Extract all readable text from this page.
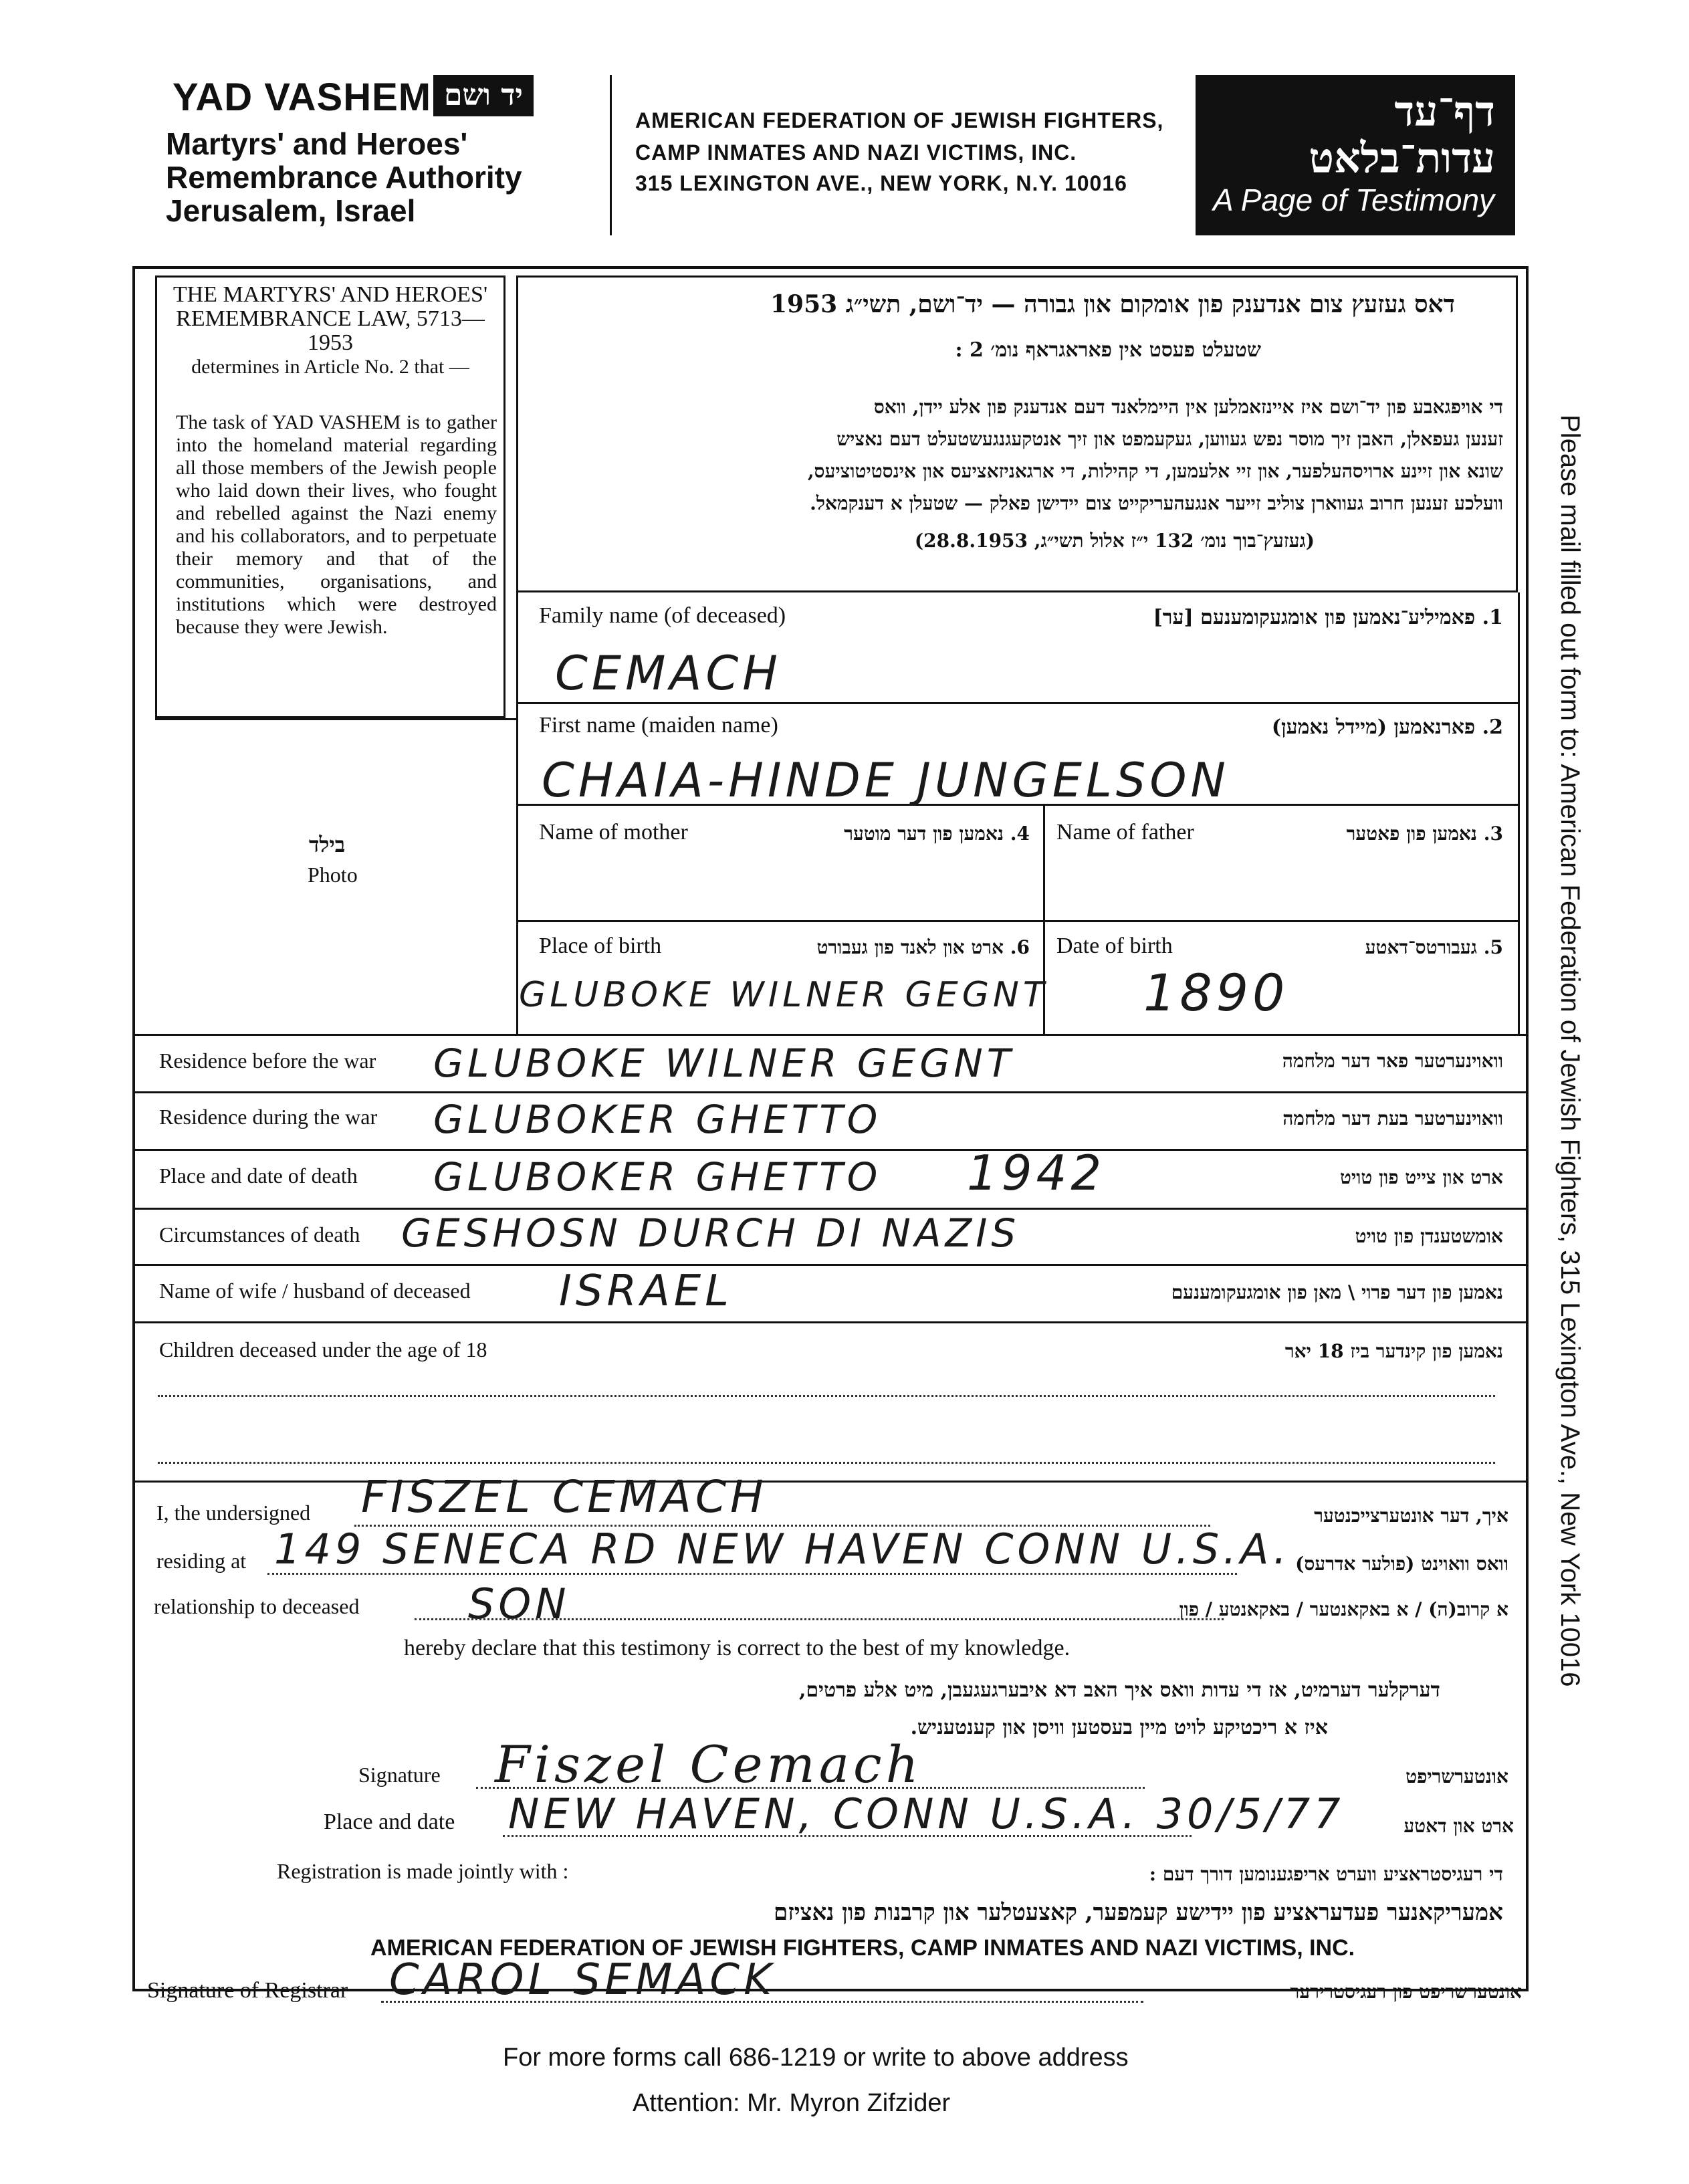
YAD VASHEM יד ושם
Martyrs' and Heroes'
Remembrance Authority
Jerusalem, Israel
AMERICAN FEDERATION OF JEWISH FIGHTERS,
CAMP INMATES AND NAZI VICTIMS, INC.
315 LEXINGTON AVE., NEW YORK, N.Y. 10016
דף־עד
עדות־בלאט
A Page of Testimony
THE MARTYRS' AND HEROES' REMEMBRANCE LAW, 5713—1953
determines in Article No. 2 that —
The task of YAD VASHEM is to gather into the homeland material regarding all those members of the Jewish people who laid down their lives, who fought and rebelled against the Nazi enemy and his collaborators, and to perpetuate their memory and that of the communities, organisations, and institutions which were destroyed because they were Jewish.
בילד
Photo
דאס געזעץ צום אנדענק פון אומקום און גבורה — יד־ושם, תשי״ג 1953
שטעלט פעסט אין פאראגראף נומ׳ 2 :
די אויפגאבע פון יד־ושם איז איינזאמלען אין היימלאנד דעם אנדענק פון אלע יידן, וואס
זענען געפאלן, האבן זיך מוסר נפש געווען, געקעמפט און זיך אנטקעגנגעשטעלט דעם נאציש
שונא און זיינע ארויסהעלפער, און זיי אלעמען, די קהילות, די ארגאניזאציעס און אינסטיטוציעס,
וועלכע זענען חרוב געווארן צוליב זייער אנגעהעריקייט צום יידישן פאלק — שטעלן א דענקמאל.
(געזעץ־בוך נומ׳ 132 י״ז אלול תשי״ג, 28.8.1953)
Family name (of deceased)	1. פאמיליע־נאמען פון אומגעקומענעם [ער]
CEMACH
First name (maiden name)	2. פארנאמען (מיידל נאמען)
CHAIA-HINDE JUNGELSON
Name of mother	4. נאמען פון דער מוטער Name of father	3. נאמען פון פאטער
Place of birth	6. ארט און לאנד פון געבורט
GLUBOKE WILNER GEGNT
Date of birth	5. געבורטס־דאטע
1890
Residence before the war	וואוינערטער פאר דער מלחמה
GLUBOKE WILNER GEGNT
Residence during the war	וואוינערטער בעת דער מלחמה
GLUBOKER GHETTO
Place and date of death	ארט און צייט פון טויט
GLUBOKER GHETTO 1942
Circumstances of death	אומשטענדן פון טויט
GESHOSN DURCH DI NAZIS
Name of wife / husband of deceased	נאמען פון דער פרוי \ מאן פון אומגעקומענעם
ISRAEL
Children deceased under the age of 18	נאמען פון קינדער ביז 18 יאר
I, the undersigned	איך, דער אונטערצייכנטער
FISZEL CEMACH
residing at	וואס וואוינט (פולער אדרעס)
149 SENECA RD NEW HAVEN CONN U.S.A.
relationship to deceased	א קרוב(ה) / א באקאנטער / באקאנטע / פון
SON
hereby declare that this testimony is correct to the best of my knowledge.
דערקלער דערמיט, אז די עדות וואס איך האב דא איבערגעגעבן, מיט אלע פרטים,
איז א ריכטיקע לויט מיין בעסטען וויסן און קענטעניש.
Signature	אונטערשריפט
Fiszel Cemach
Place and date	ארט און דאטע
NEW HAVEN, CONN U.S.A. 30/5/77
Registration is made jointly with :	די רעגיסטראציע ווערט אריפגענומען דורך דעם :
אמעריקאנער פעדעראציע פון יידישע קעמפער, קאצעטלער און קרבנות פון נאציזם
AMERICAN FEDERATION OF JEWISH FIGHTERS, CAMP INMATES AND NAZI VICTIMS, INC.
Signature of Registrar	אונטערשריפט פון רעגיסטרירער
CAROL SEMACK
For more forms call 686-1219 or write to above address
Attention: Mr. Myron Zifzider
Please mail filled out form to: American Federation of Jewish Fighters, 315 Lexington Ave., New York 10016
